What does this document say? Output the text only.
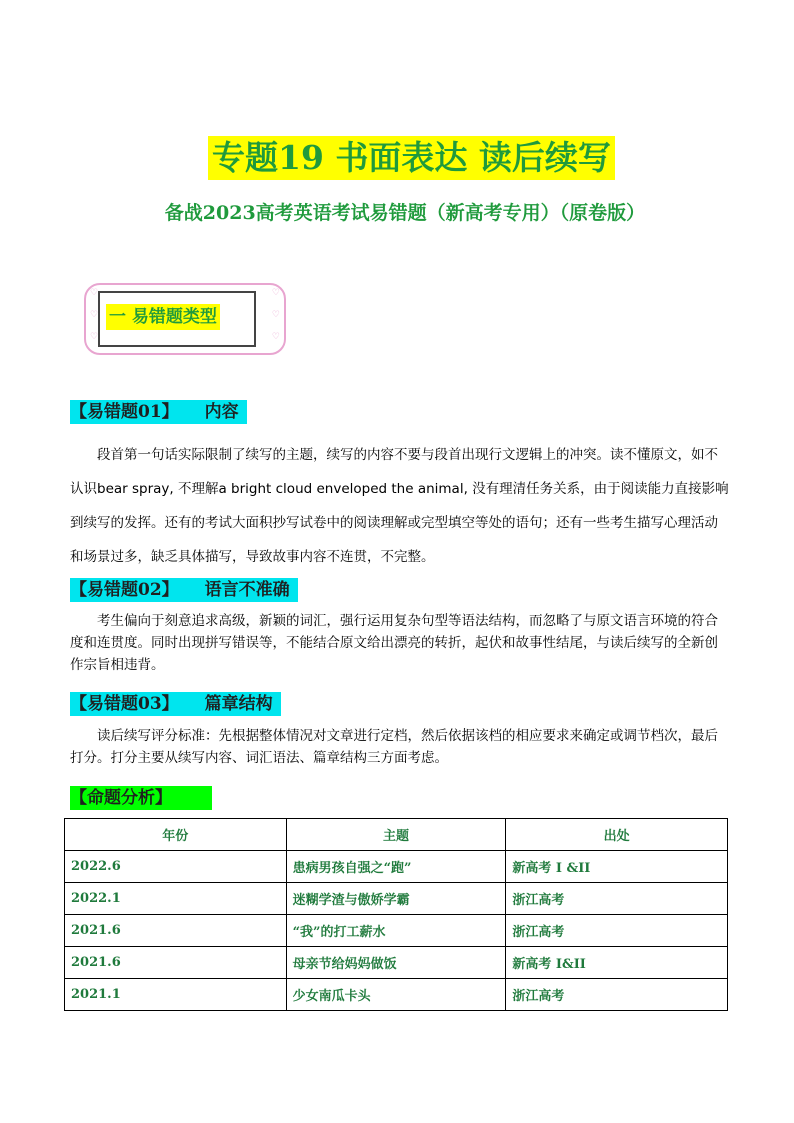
专题19 书面表达 读后续写
备战2023高考英语考试易错题（新高考专用）（原卷版）
♡
♡
♡
♡
♡
♡
一 易错题类型
【易错题01】 内容

段首第一句话实际限制了续写的主题，续写的内容不要与段首出现行文逻辑上的冲突。读不懂原文，如不认识bear spray, 不理解a bright cloud enveloped the animal, 没有理清任务关系，由于阅读能力直接影响到续写的发挥。还有的考试大面积抄写试卷中的阅读理解或完型填空等处的语句；还有一些考生描写心理活动和场景过多，缺乏具体描写，导致故事内容不连贯，不完整。

【易错题02】 语言不准确

考生偏向于刻意追求高级，新颖的词汇，强行运用复杂句型等语法结构，而忽略了与原文语言环境的符合度和连贯度。同时出现拼写错误等，不能结合原文给出漂亮的转折，起伏和故事性结尾，与读后续写的全新创作宗旨相违背。

【易错题03】 篇章结构

读后续写评分标准：先根据整体情况对文章进行定档，然后依据该档的相应要求来确定或调节档次，最后打分。打分主要从续写内容、词汇语法、篇章结构三方面考虑。

【命题分析】
年份	主题	出处
2022.6	患病男孩自强之“跑”	新高考 I &II
2022.1	迷糊学渣与傲娇学霸	浙江高考
2021.6	“我”的打工薪水	浙江高考
2021.6	母亲节给妈妈做饭	新高考 I&II
2021.1	少女南瓜卡头	浙江高考
